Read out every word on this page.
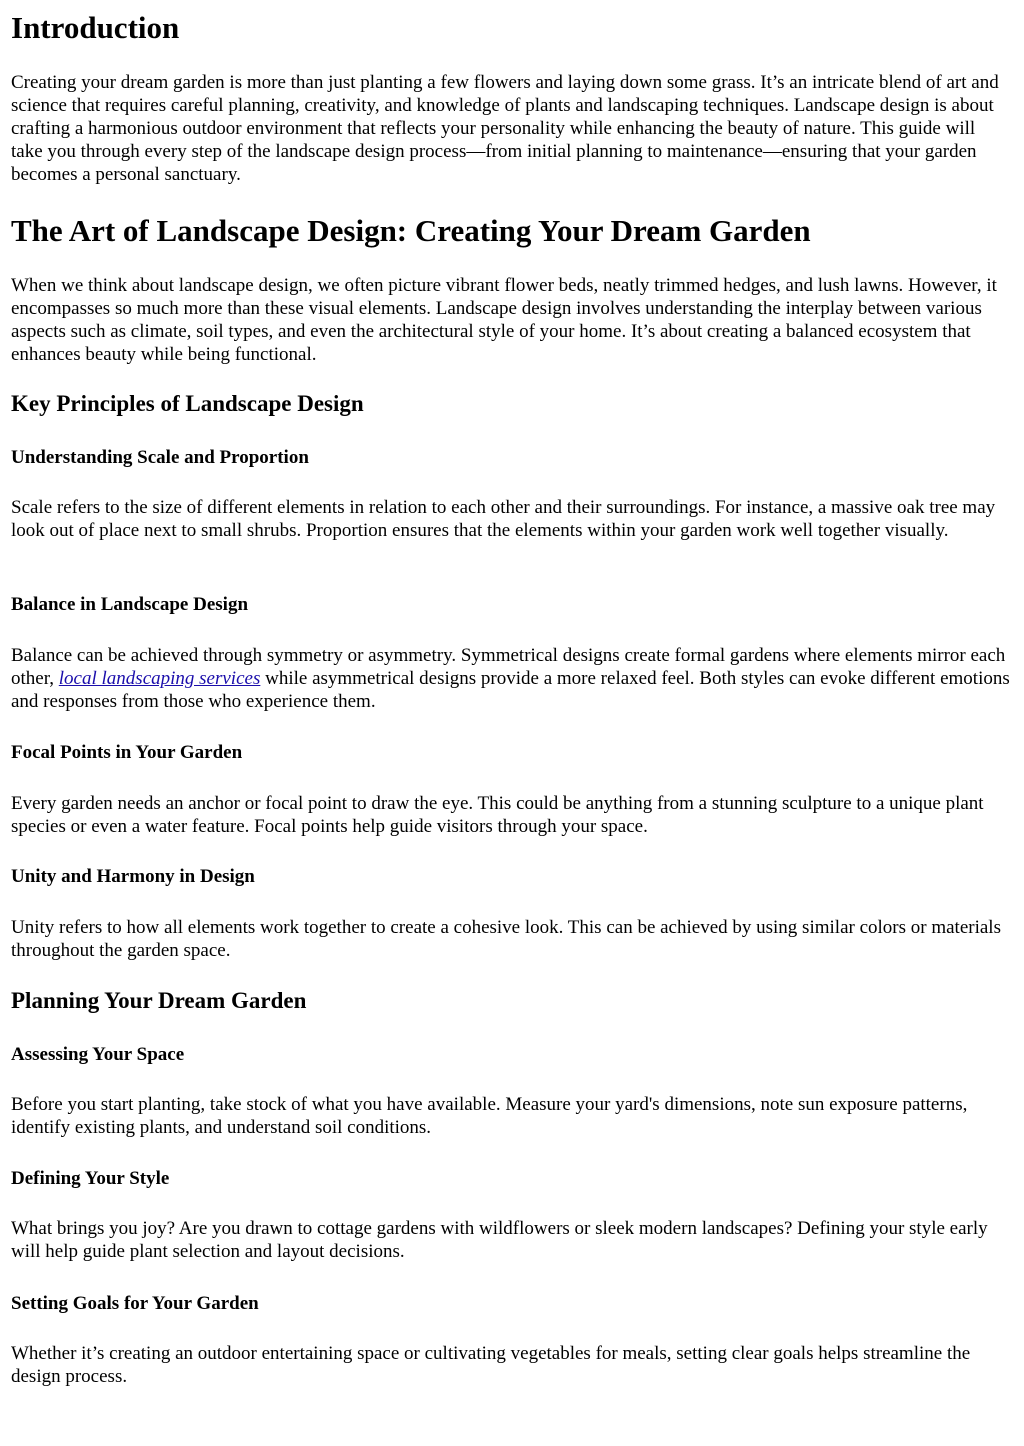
Introduction

Creating your dream garden is more than just planting a few flowers and laying down some grass. It’s an intricate blend of art and science that requires careful planning, creativity, and knowledge of plants and landscaping techniques. Landscape design is about crafting a harmonious outdoor environment that reflects your personality while enhancing the beauty of nature. This guide will take you through every step of the landscape design process—from initial planning to maintenance—ensuring that your garden becomes a personal sanctuary.

The Art of Landscape Design: Creating Your Dream Garden

When we think about landscape design, we often picture vibrant flower beds, neatly trimmed hedges, and lush lawns. However, it encompasses so much more than these visual elements. Landscape design involves understanding the interplay between various aspects such as climate, soil types, and even the architectural style of your home. It’s about creating a balanced ecosystem that enhances beauty while being functional.

Key Principles of Landscape Design
Understanding Scale and Proportion

Scale refers to the size of different elements in relation to each other and their surroundings. For instance, a massive oak tree may look out of place next to small shrubs. Proportion ensures that the elements within your garden work well together visually.

Balance in Landscape Design

Balance can be achieved through symmetry or asymmetry. Symmetrical designs create formal gardens where elements mirror each other, local landscaping services while asymmetrical designs provide a more relaxed feel. Both styles can evoke different emotions and responses from those who experience them.

Focal Points in Your Garden

Every garden needs an anchor or focal point to draw the eye. This could be anything from a stunning sculpture to a unique plant species or even a water feature. Focal points help guide visitors through your space.

Unity and Harmony in Design

Unity refers to how all elements work together to create a cohesive look. This can be achieved by using similar colors or materials throughout the garden space.

Planning Your Dream Garden
Assessing Your Space

Before you start planting, take stock of what you have available. Measure your yard's dimensions, note sun exposure patterns, identify existing plants, and understand soil conditions.

Defining Your Style

What brings you joy? Are you drawn to cottage gardens with wildflowers or sleek modern landscapes? Defining your style early will help guide plant selection and layout decisions.

Setting Goals for Your Garden

Whether it’s creating an outdoor entertaining space or cultivating vegetables for meals, setting clear goals helps streamline the design process.
